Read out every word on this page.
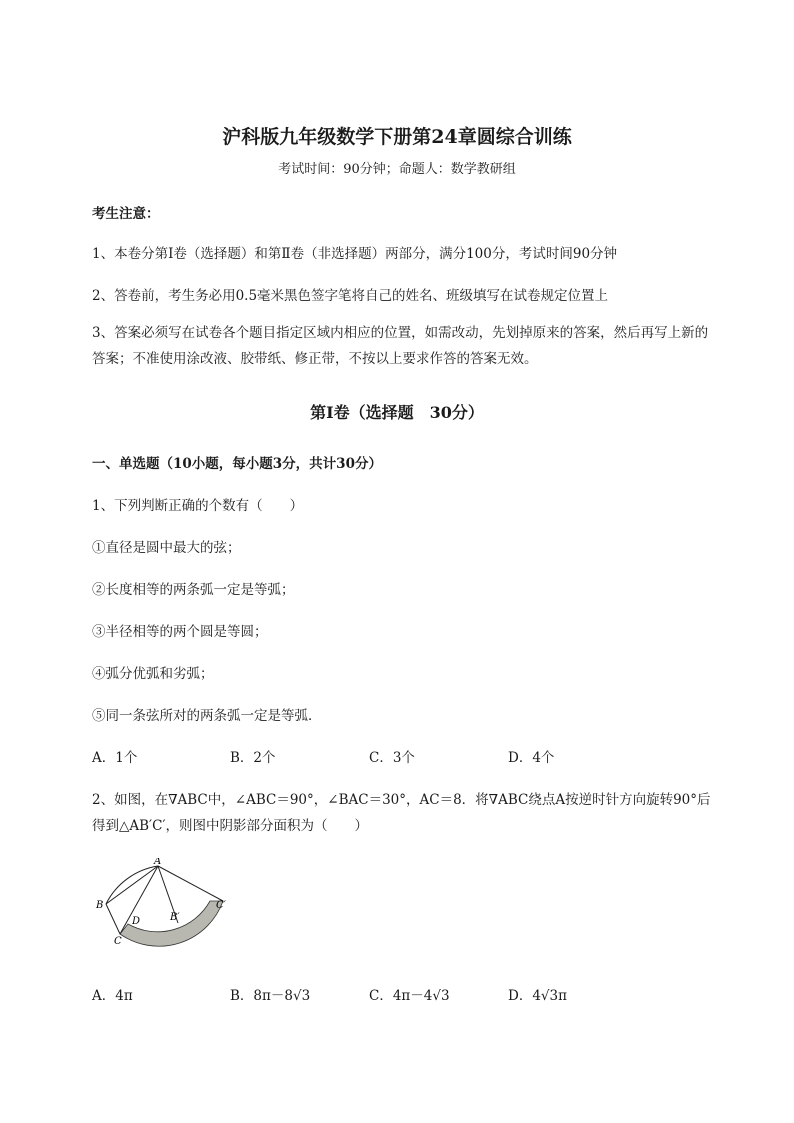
沪科版九年级数学下册第24章圆综合训练
考试时间：90分钟；命题人：数学教研组
考生注意：
1、本卷分第I卷（选择题）和第Ⅱ卷（非选择题）两部分，满分100分，考试时间90分钟
2、答卷前，考生务必用0.5毫米黑色签字笔将自己的姓名、班级填写在试卷规定位置上
3、答案必须写在试卷各个题目指定区域内相应的位置，如需改动，先划掉原来的答案，然后再写上新的答案；不准使用涂改液、胶带纸、修正带，不按以上要求作答的答案无效。
第I卷（选择题　30分）
一、单选题（10小题，每小题3分，共计30分）
1、下列判断正确的个数有（　　）
①直径是圆中最大的弦；
②长度相等的两条弧一定是等弧；
③半径相等的两个圆是等圆；
④弧分优弧和劣弧；
⑤同一条弦所对的两条弧一定是等弧．
A．1个	B．2个	C．3个	D．4个
2、如图，在∇ABC中，∠ABC＝90°，∠BAC＝30°，AC＝8．将∇ABC绕点A按逆时针方向旋转90°后
得到△AB′C′，则图中阴影部分面积为（　　）
A
B
C
D	B′
C′
A．4π	B．8π－8√3	C．4π－4√3	D．4√3π
